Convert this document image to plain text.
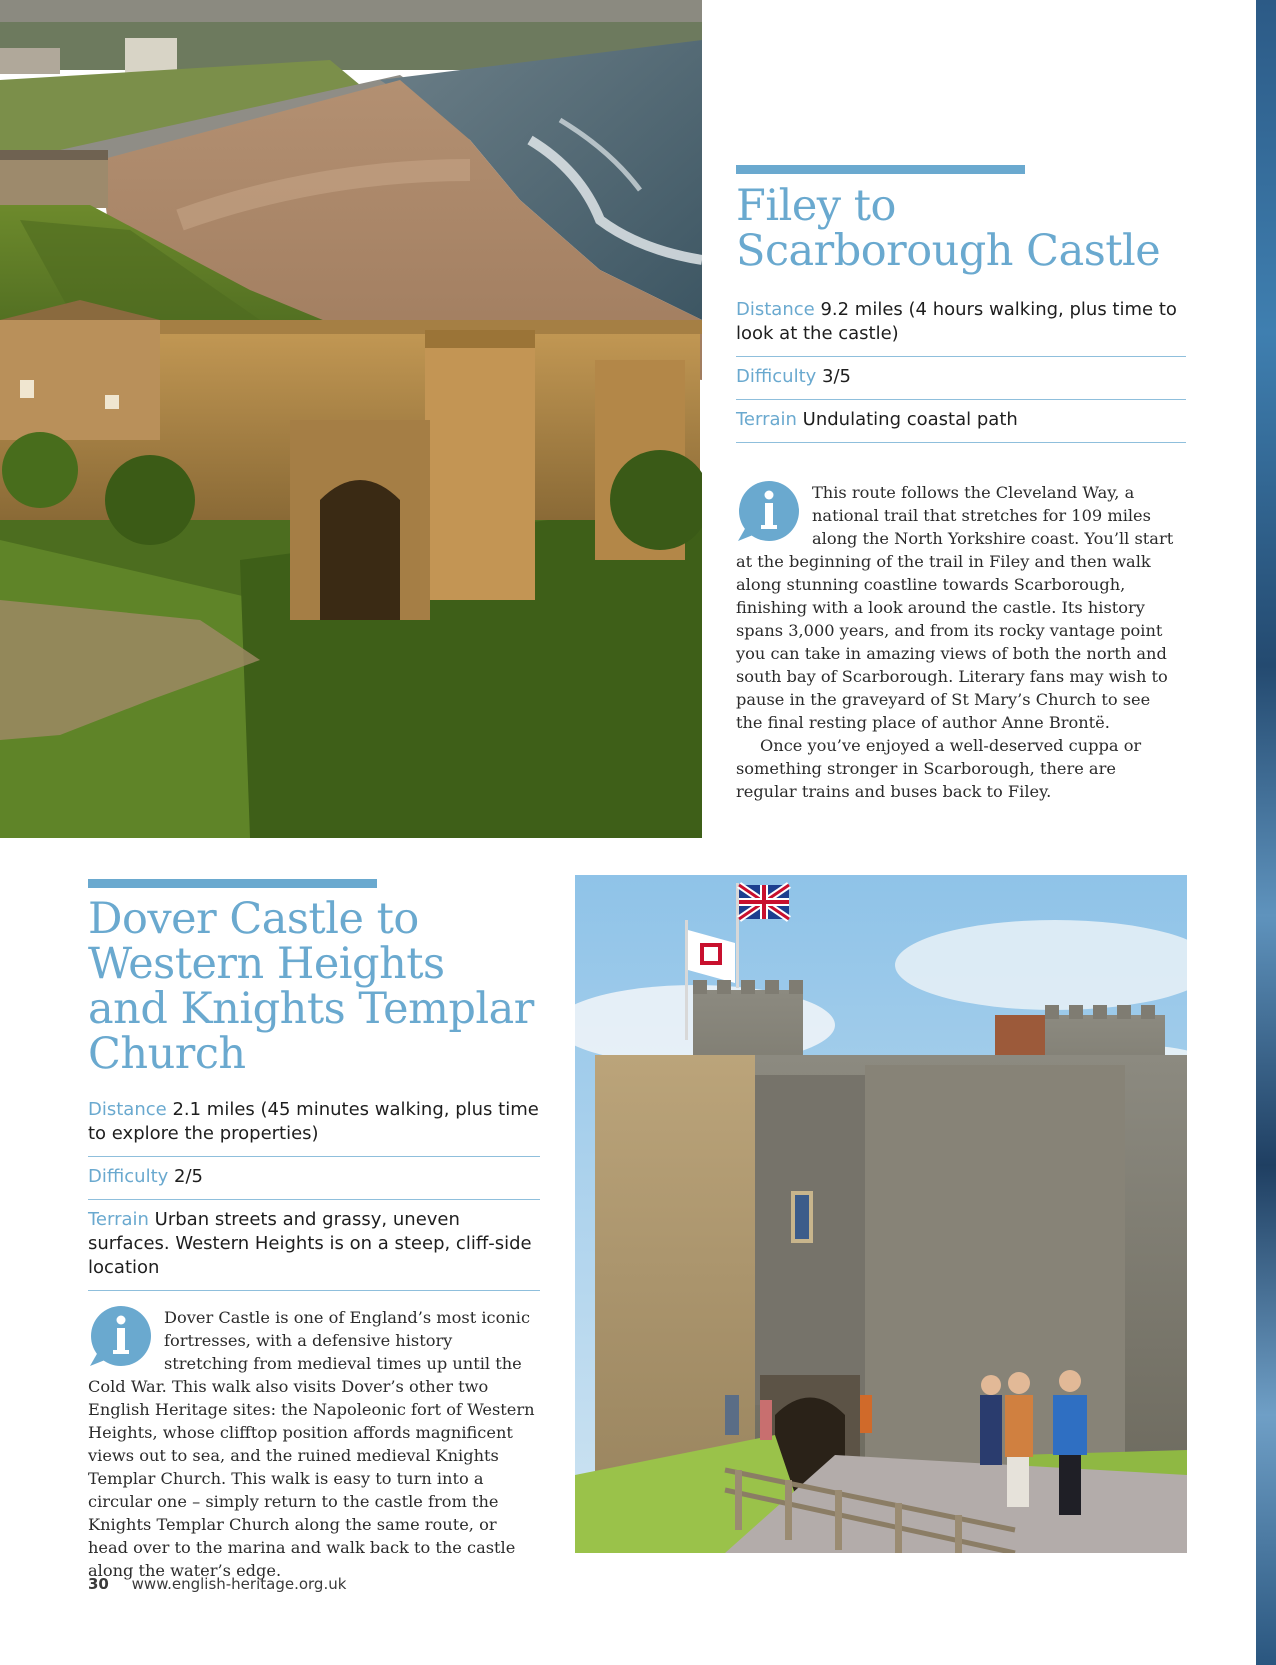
Filey to
Scarborough Castle
Distance 9.2 miles (4 hours walking, plus time to look at the castle)
Difficulty 3/5
Terrain Undulating coastal path

This route follows the Cleveland Way, a national trail that stretches for 109 miles along the North Yorkshire coast. You’ll start at the beginning of the trail in Filey and then walk along stunning coastline towards Scarborough, finishing with a look around the castle. Its history spans 3,000 years, and from its rocky vantage point you can take in amazing views of both the north and south bay of Scarborough. Literary fans may wish to pause in the graveyard of St Mary’s Church to see the final resting place of author Anne Brontë.

Once you’ve enjoyed a well-deserved cuppa or something stronger in Scarborough, there are regular trains and buses back to Filey.

Dover Castle to
Western Heights
and Knights Templar
Church
Distance 2.1 miles (45 minutes walking, plus time to explore the properties)
Difficulty 2/5
Terrain Urban streets and grassy, uneven surfaces. Western Heights is on a steep, cliff-side location

Dover Castle is one of England’s most iconic fortresses, with a defensive history stretching from medieval times up until the Cold War. This walk also visits Dover’s other two English Heritage sites: the Napoleonic fort of Western Heights, whose clifftop position affords magnificent views out to sea, and the ruined medieval Knights Templar Church. This walk is easy to turn into a circular one – simply return to the castle from the Knights Templar Church along the same route, or head over to the marina and walk back to the castle along the water’s edge.

30 www.english-heritage.org.uk
